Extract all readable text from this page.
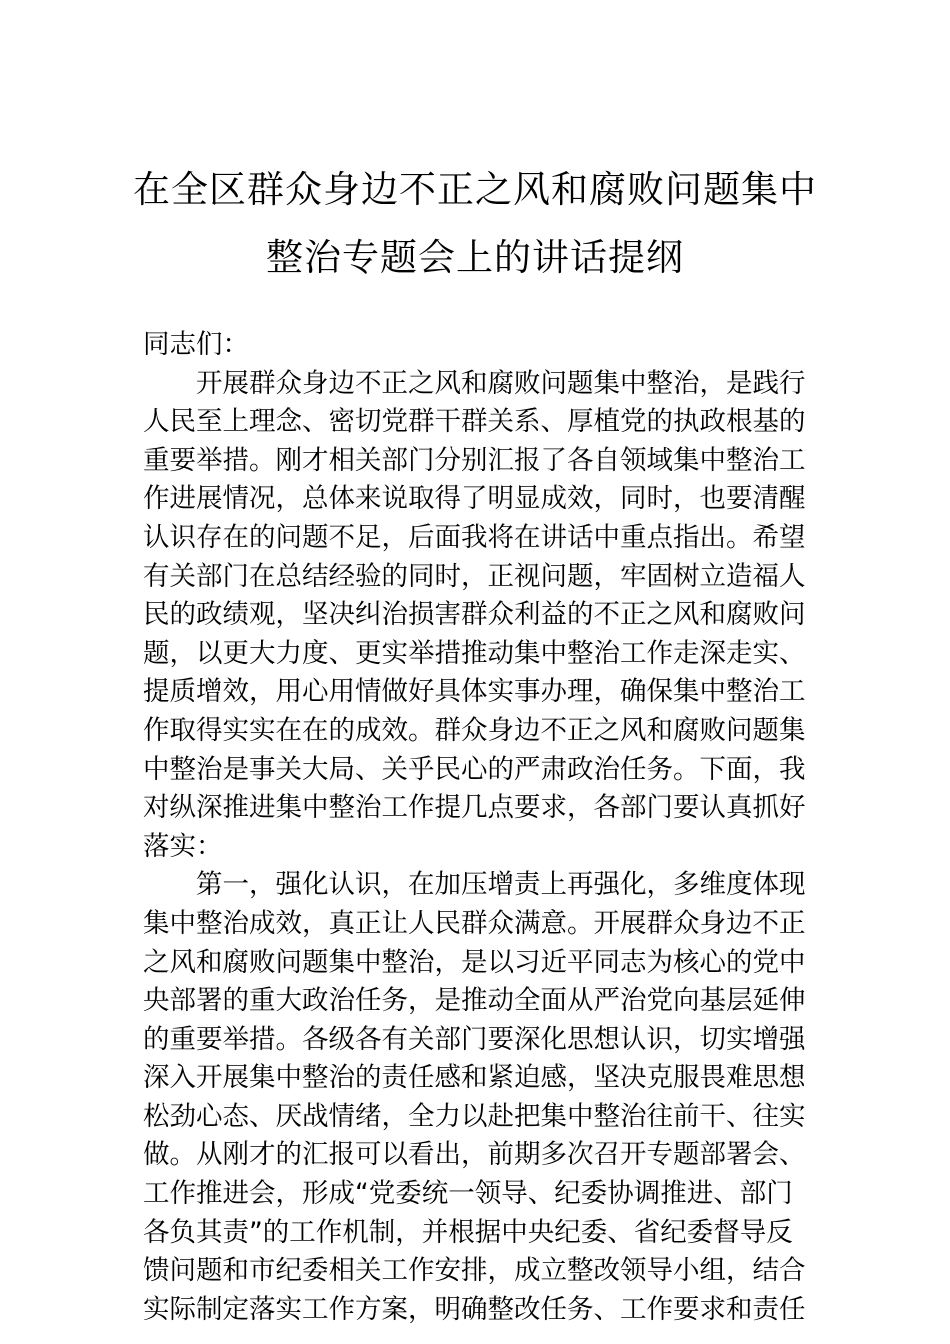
在全区群众身边不正之风和腐败问题集中
整治专题会上的讲话提纲
同志们：
开展群众身边不正之风和腐败问题集中整治，是践行
人民至上理念、密切党群干群关系、厚植党的执政根基的
重要举措。刚才相关部门分别汇报了各自领域集中整治工
作进展情况，总体来说取得了明显成效，同时，也要清醒
认识存在的问题不足，后面我将在讲话中重点指出。希望
有关部门在总结经验的同时，正视问题，牢固树立造福人
民的政绩观，坚决纠治损害群众利益的不正之风和腐败问
题，以更大力度、更实举措推动集中整治工作走深走实、
提质增效，用心用情做好具体实事办理，确保集中整治工
作取得实实在在的成效。群众身边不正之风和腐败问题集
中整治是事关大局、关乎民心的严肃政治任务。下面，我
对纵深推进集中整治工作提几点要求，各部门要认真抓好
落实：
第一，强化认识，在加压增责上再强化，多维度体现
集中整治成效，真正让人民群众满意。开展群众身边不正
之风和腐败问题集中整治，是以习近平同志为核心的党中
央部署的重大政治任务，是推动全面从严治党向基层延伸
的重要举措。各级各有关部门要深化思想认识，切实增强
深入开展集中整治的责任感和紧迫感，坚决克服畏难思想
松劲心态、厌战情绪，全力以赴把集中整治往前干、往实
做。从刚才的汇报可以看出，前期多次召开专题部署会、
工作推进会，形成“党委统一领导、纪委协调推进、部门
各负其责”的工作机制，并根据中央纪委、省纪委督导反
馈问题和市纪委相关工作安排，成立整改领导小组，结合
实际制定落实工作方案，明确整改任务、工作要求和责任
